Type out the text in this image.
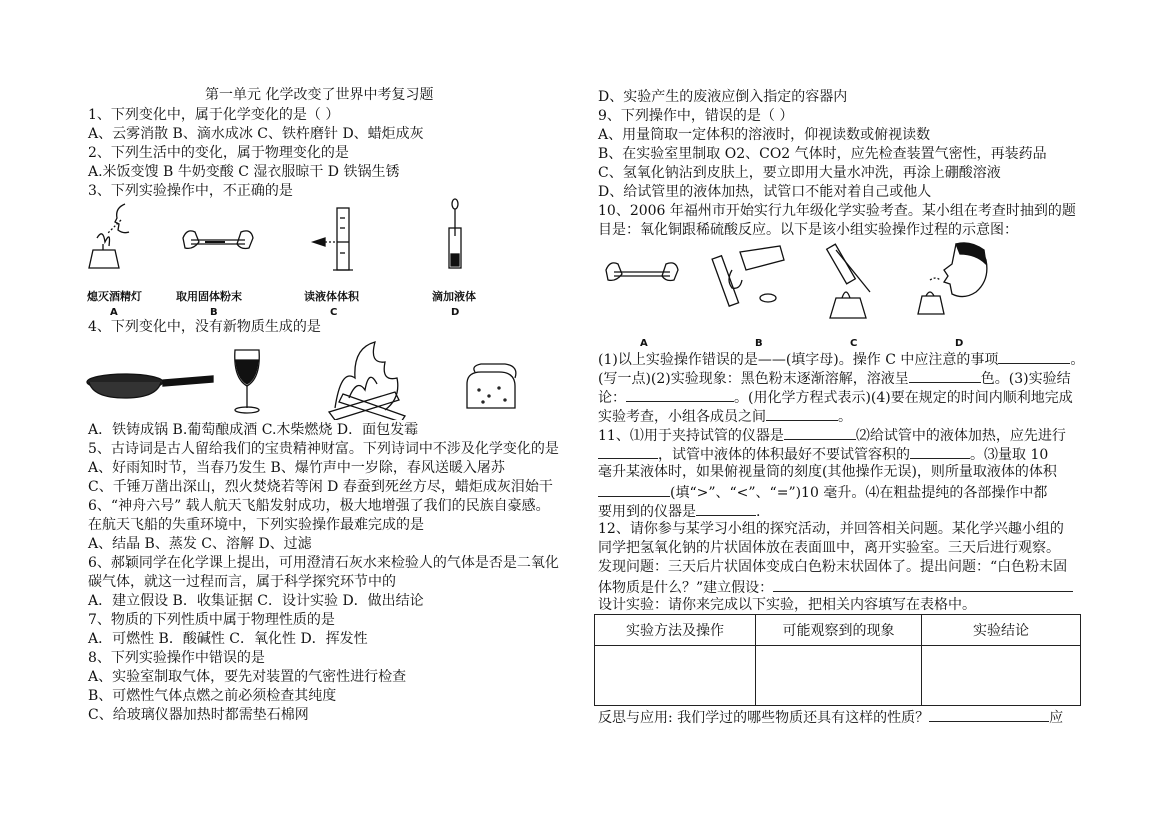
第一单元 化学改变了世界中考复习题
1、下列变化中，属于化学变化的是（ ）
A、云雾消散 B、滴水成冰 C、铁杵磨针 D、蜡炬成灰
2、下列生活中的变化，属于物理变化的是
A.米饭变馊 B 牛奶变酸 C 湿衣服晾干 D 铁锅生锈
3、下列实验操作中，不正确的是
熄灭酒精灯	取用固体粉末	读液体体积	滴加液体
A	B	C	D
4、下列变化中，没有新物质生成的是
A．铁铸成锅 B.葡萄酿成酒 C.木柴燃烧 D．面包发霉
5、古诗词是古人留给我们的宝贵精神财富。下列诗词中不涉及化学变化的是
A、好雨知时节，当春乃发生 B、爆竹声中一岁除，春风送暖入屠苏
C、千锤万凿出深山，烈火焚烧若等闲 D 春蚕到死丝方尽，蜡炬成灰泪始干
6、“神舟六号” 载人航天飞船发射成功，极大地增强了我们的民族自豪感。
在航天飞船的失重环境中，下列实验操作最难完成的是
A、结晶 B、蒸发 C、溶解 D、过滤
6、郝颖同学在化学课上提出，可用澄清石灰水来检验人的气体是否是二氧化
碳气体，就这一过程而言，属于科学探究环节中的
A．建立假设 B．收集证据 C．设计实验 D．做出结论
7、物质的下列性质中属于物理性质的是
A．可燃性 B．酸碱性 C．氧化性 D．挥发性
8、下列实验操作中错误的是
A、实验室制取气体，要先对装置的气密性进行检查
B、可燃性气体点燃之前必须检查其纯度
C、给玻璃仪器加热时都需垫石棉网
D、实验产生的废液应倒入指定的容器内
9、下列操作中，错误的是（ ）
A、用量筒取一定体积的溶液时，仰视读数或俯视读数
B、在实验室里制取 O2、CO2 气体时，应先检查装置气密性，再装药品
C、氢氧化钠沾到皮肤上，要立即用大量水冲洗，再涂上硼酸溶液
D、给试管里的液体加热，试管口不能对着自己或他人
10、2006 年福州市开始实行九年级化学实验考查。某小组在考查时抽到的题
目是：氧化铜跟稀硫酸反应。以下是该小组实验操作过程的示意图：
A	B	C	D
(1)以上实验操作错误的是——(填字母)。操作 C 中应注意的事项	。
(写一点)(2)实验现象：黑色粉末逐渐溶解，溶液呈	色。(3)实验结
论：	。(用化学方程式表示)(4)要在规定的时间内顺利地完成
实验考查，小组各成员之间	。
11、⑴用于夹持试管的仪器是	⑵给试管中的液体加热，应先进行
，试管中液体的体积最好不要试管容积的	。⑶量取 10
毫升某液体时，如果俯视量筒的刻度(其他操作无误)，则所量取液体的体积
(填“>”、“<”、“=”)10 毫升。⑷在粗盐提纯的各部操作中都
要用到的仪器是	.
12、请你参与某学习小组的探究活动，并回答相关问题。某化学兴趣小组的
同学把氢氧化钠的片状固体放在表面皿中，离开实验室。三天后进行观察。
发现问题：三天后片状固体变成白色粉末状固体了。提出问题：“白色粉末固
体物质是什么？”建立假设：
设计实验：请你来完成以下实验，把相关内容填写在表格中。
实验方法及操作	可能观察到的现象	实验结论

反思与应用: 我们学过的哪些物质还具有这样的性质？	应
